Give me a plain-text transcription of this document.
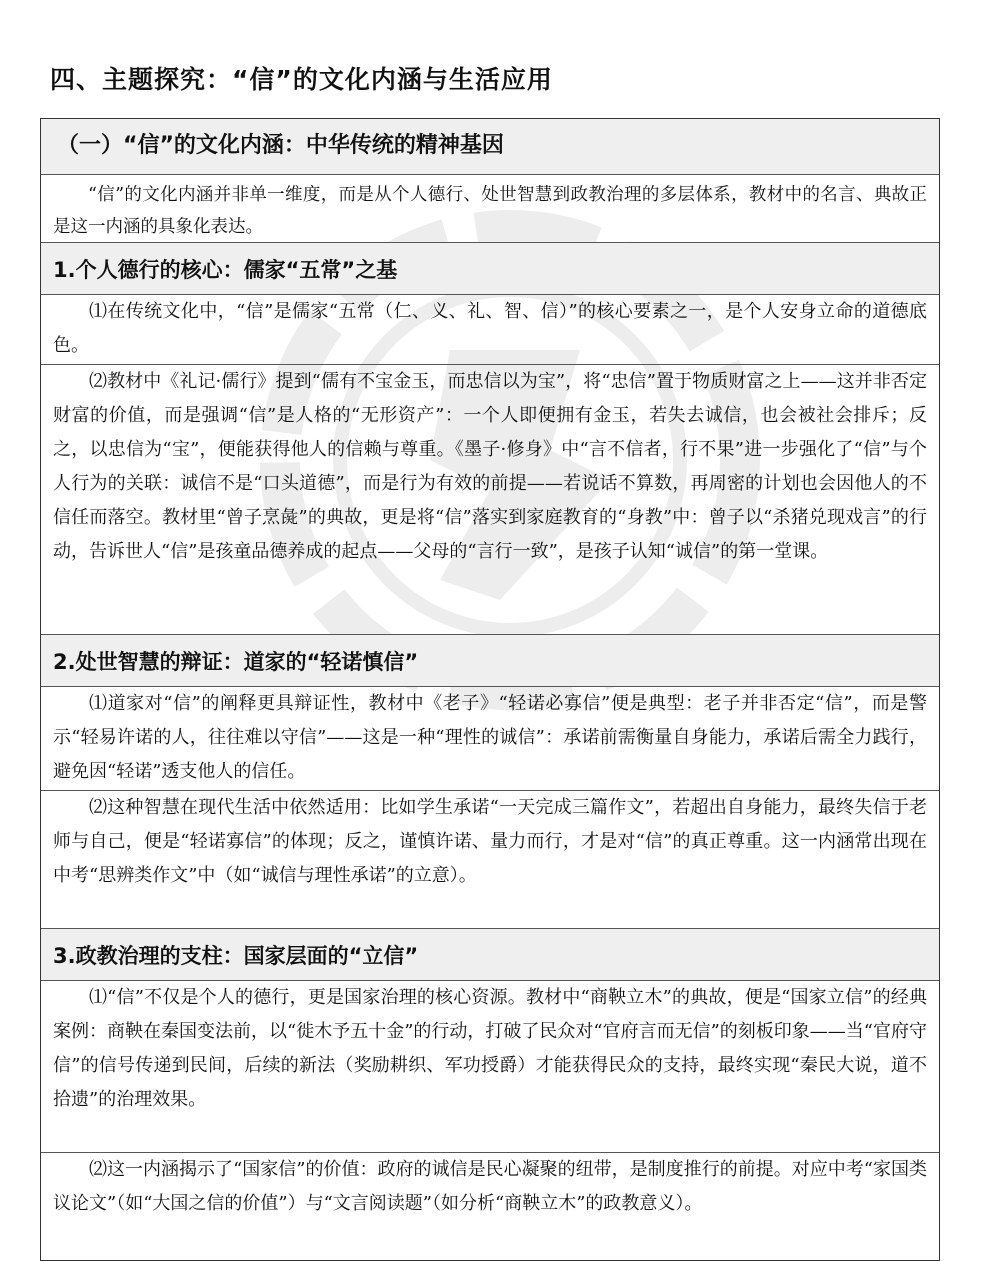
四、主题探究：“信”的文化内涵与生活应用
（一）“信”的文化内涵：中华传统的精神基因
“信”的文化内涵并非单一维度，而是从个人德行、处世智慧到政教治理的多层体系，教材中的名言、典故正是这一内涵的具象化表达。
1.个人德行的核心：儒家“五常”之基
⑴在传统文化中，“信”是儒家“五常（仁、义、礼、智、信）”的核心要素之一，是个人安身立命的道德底色。
⑵教材中《礼记·儒行》提到“儒有不宝金玉，而忠信以为宝”，将“忠信”置于物质财富之上——这并非否定财富的价值，而是强调“信”是人格的“无形资产”：一个人即便拥有金玉，若失去诚信，也会被社会排斥；反之，以忠信为“宝”，便能获得他人的信赖与尊重。《墨子·修身》中“言不信者，行不果”进一步强化了“信”与个人行为的关联：诚信不是“口头道德”，而是行为有效的前提——若说话不算数，再周密的计划也会因他人的不信任而落空。教材里“曾子烹彘”的典故，更是将“信”落实到家庭教育的“身教”中：曾子以“杀猪兑现戏言”的行动，告诉世人“信”是孩童品德养成的起点——父母的“言行一致”，是孩子认知“诚信”的第一堂课。
2.处世智慧的辩证：道家的“轻诺慎信”
⑴道家对“信”的阐释更具辩证性，教材中《老子》“轻诺必寡信”便是典型：老子并非否定“信”，而是警示“轻易许诺的人，往往难以守信”——这是一种“理性的诚信”：承诺前需衡量自身能力，承诺后需全力践行，避免因“轻诺”透支他人的信任。
⑵这种智慧在现代生活中依然适用：比如学生承诺“一天完成三篇作文”，若超出自身能力，最终失信于老师与自己，便是“轻诺寡信”的体现；反之，谨慎许诺、量力而行，才是对“信”的真正尊重。这一内涵常出现在中考“思辨类作文”中（如“诚信与理性承诺”的立意）。
3.政教治理的支柱：国家层面的“立信”
⑴“信”不仅是个人的德行，更是国家治理的核心资源。教材中“商鞅立木”的典故，便是“国家立信”的经典案例：商鞅在秦国变法前，以“徙木予五十金”的行动，打破了民众对“官府言而无信”的刻板印象——当“官府守信”的信号传递到民间，后续的新法（奖励耕织、军功授爵）才能获得民众的支持，最终实现“秦民大说，道不拾遗”的治理效果。
⑵这一内涵揭示了“国家信”的价值：政府的诚信是民心凝聚的纽带，是制度推行的前提。对应中考“家国类议论文”（如“大国之信的价值”）与“文言阅读题”（如分析“商鞅立木”的政教意义）。
